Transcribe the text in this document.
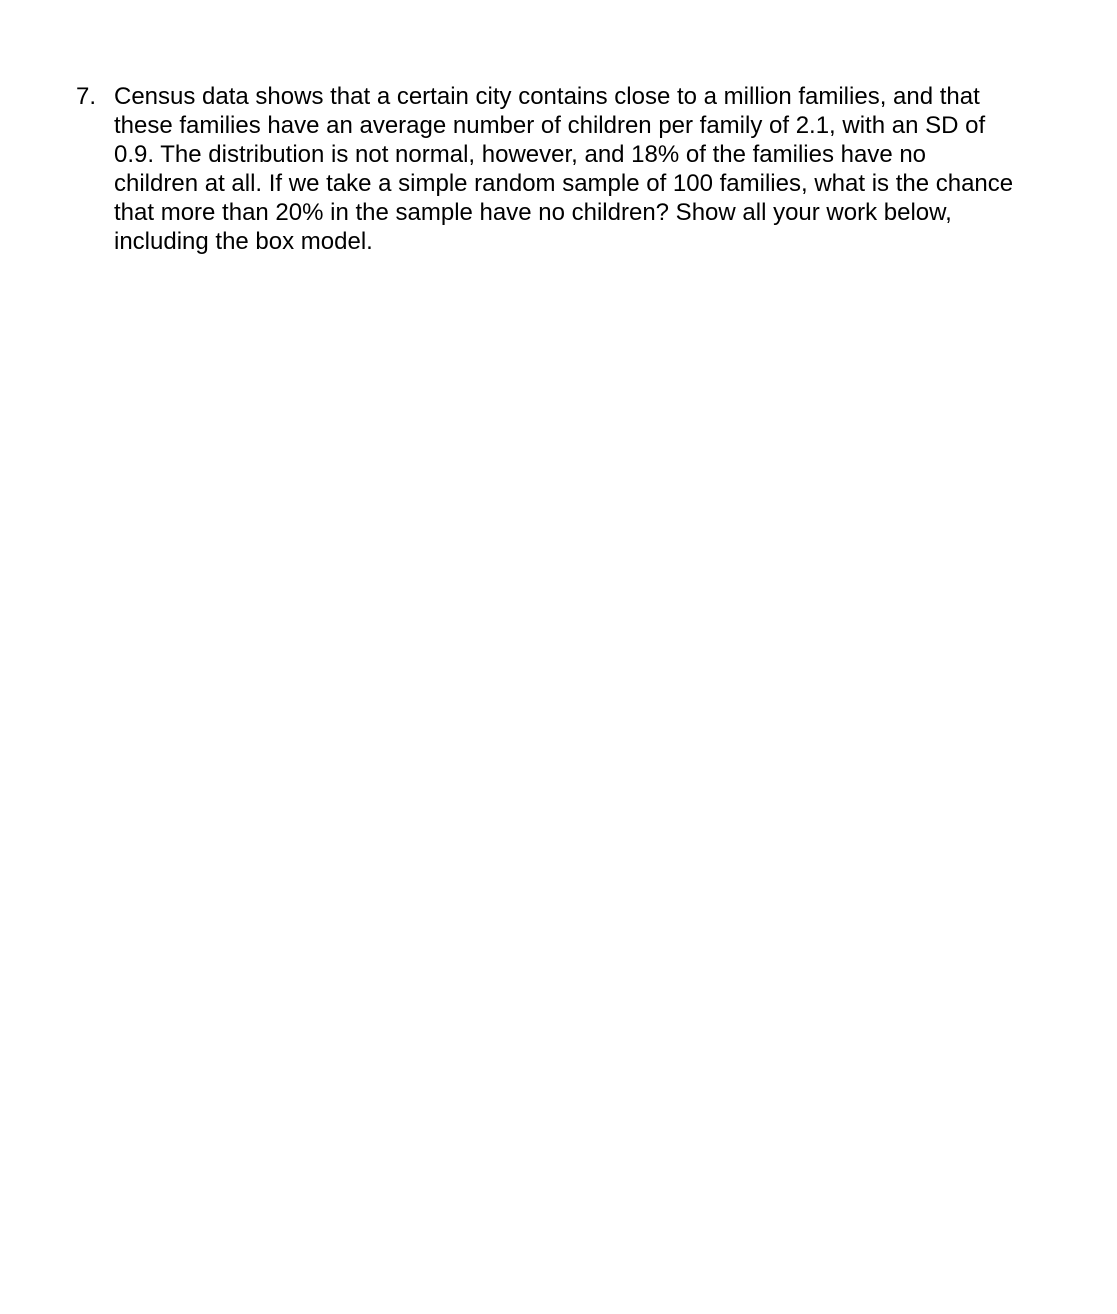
7. Census data shows that a certain city contains close to a million families, and that
these families have an average number of children per family of 2.1, with an SD of
0.9. The distribution is not normal, however, and 18% of the families have no
children at all. If we take a simple random sample of 100 families, what is the chance
that more than 20% in the sample have no children? Show all your work below,
including the box model.
